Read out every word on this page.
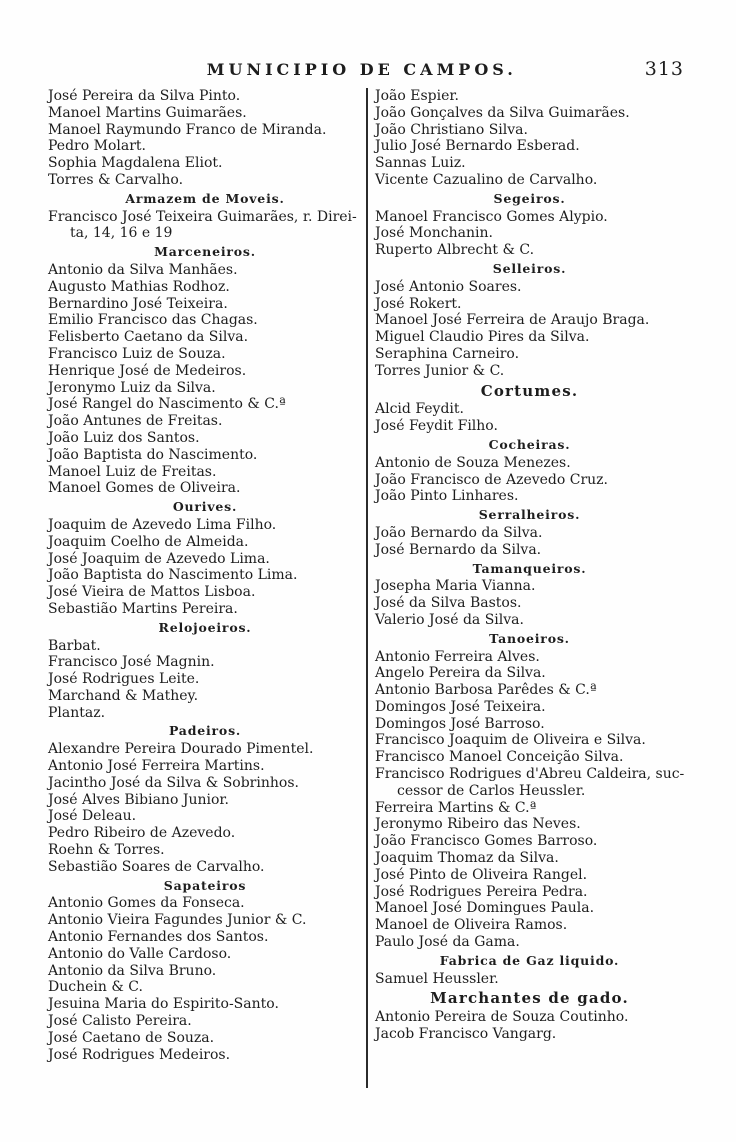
MUNICIPIO DE CAMPOS.	313
José Pereira da Silva Pinto.
Manoel Martins Guimarães.
Manoel Raymundo Franco de Miranda.
Pedro Molart.
Sophia Magdalena Eliot.
Torres & Carvalho.
Armazem de Moveis.
Francisco José Teixeira Guimarães, r. Direi-
ta, 14, 16 e 19
Marceneiros.
Antonio da Silva Manhães.
Augusto Mathias Rodhoz.
Bernardino José Teixeira.
Emilio Francisco das Chagas.
Felisberto Caetano da Silva.
Francisco Luiz de Souza.
Henrique José de Medeiros.
Jeronymo Luiz da Silva.
José Rangel do Nascimento & C.ª
João Antunes de Freitas.
João Luiz dos Santos.
João Baptista do Nascimento.
Manoel Luiz de Freitas.
Manoel Gomes de Oliveira.
Ourives.
Joaquim de Azevedo Lima Filho.
Joaquim Coelho de Almeida.
José Joaquim de Azevedo Lima.
João Baptista do Nascimento Lima.
José Vieira de Mattos Lisboa.
Sebastião Martins Pereira.
Relojoeiros.
Barbat.
Francisco José Magnin.
José Rodrigues Leite.
Marchand & Mathey.
Plantaz.
Padeiros.
Alexandre Pereira Dourado Pimentel.
Antonio José Ferreira Martins.
Jacintho José da Silva & Sobrinhos.
José Alves Bibiano Junior.
José Deleau.
Pedro Ribeiro de Azevedo.
Roehn & Torres.
Sebastião Soares de Carvalho.
Sapateiros
Antonio Gomes da Fonseca.
Antonio Vieira Fagundes Junior & C.
Antonio Fernandes dos Santos.
Antonio do Valle Cardoso.
Antonio da Silva Bruno.
Duchein & C.
Jesuina Maria do Espirito-Santo.
José Calisto Pereira.
José Caetano de Souza.
José Rodrigues Medeiros.
João Espier.
João Gonçalves da Silva Guimarães.
João Christiano Silva.
Julio José Bernardo Esberad.
Sannas Luiz.
Vicente Cazualino de Carvalho.
Segeiros.
Manoel Francisco Gomes Alypio.
José Monchanin.
Ruperto Albrecht & C.
Selleiros.
José Antonio Soares.
José Rokert.
Manoel José Ferreira de Araujo Braga.
Miguel Claudio Pires da Silva.
Seraphina Carneiro.
Torres Junior & C.
Cortumes.
Alcid Feydit.
José Feydit Filho.
Cocheiras.
Antonio de Souza Menezes.
João Francisco de Azevedo Cruz.
João Pinto Linhares.
Serralheiros.
João Bernardo da Silva.
José Bernardo da Silva.
Tamanqueiros.
Josepha Maria Vianna.
José da Silva Bastos.
Valerio José da Silva.
Tanoeiros.
Antonio Ferreira Alves.
Angelo Pereira da Silva.
Antonio Barbosa Parêdes & C.ª
Domingos José Teixeira.
Domingos José Barroso.
Francisco Joaquim de Oliveira e Silva.
Francisco Manoel Conceição Silva.
Francisco Rodrigues d'Abreu Caldeira, suc-
cessor de Carlos Heussler.
Ferreira Martins & C.ª
Jeronymo Ribeiro das Neves.
João Francisco Gomes Barroso.
Joaquim Thomaz da Silva.
José Pinto de Oliveira Rangel.
José Rodrigues Pereira Pedra.
Manoel José Domingues Paula.
Manoel de Oliveira Ramos.
Paulo José da Gama.
Fabrica de Gaz liquido.
Samuel Heussler.
Marchantes de gado.
Antonio Pereira de Souza Coutinho.
Jacob Francisco Vangarg.
